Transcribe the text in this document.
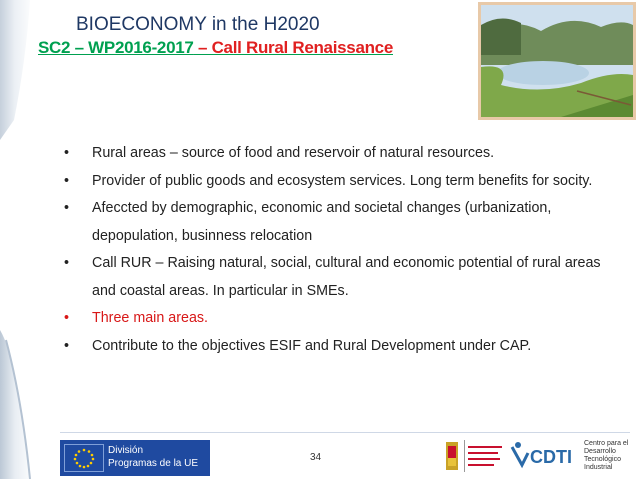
BIOECONOMY in the H2020
SC2 – WP2016-2017 – Call Rural Renaissance
• Rural areas – source of food and reservoir of natural resources.
• Provider of public goods and ecosystem services. Long term benefits for socity.
• Afeccted by demographic, economic and societal changes (urbanization, depopulation, businness relocation
• Call RUR – Raising natural, social, cultural and economic potential of rural areas and coastal areas. In particular in SMEs.
• Three main areas.
• Contribute to the objectives ESIF and Rural Development under CAP.
División
Programas de la UE
34	CDTI
Centro para el
Desarrollo
Tecnológico
Industrial
